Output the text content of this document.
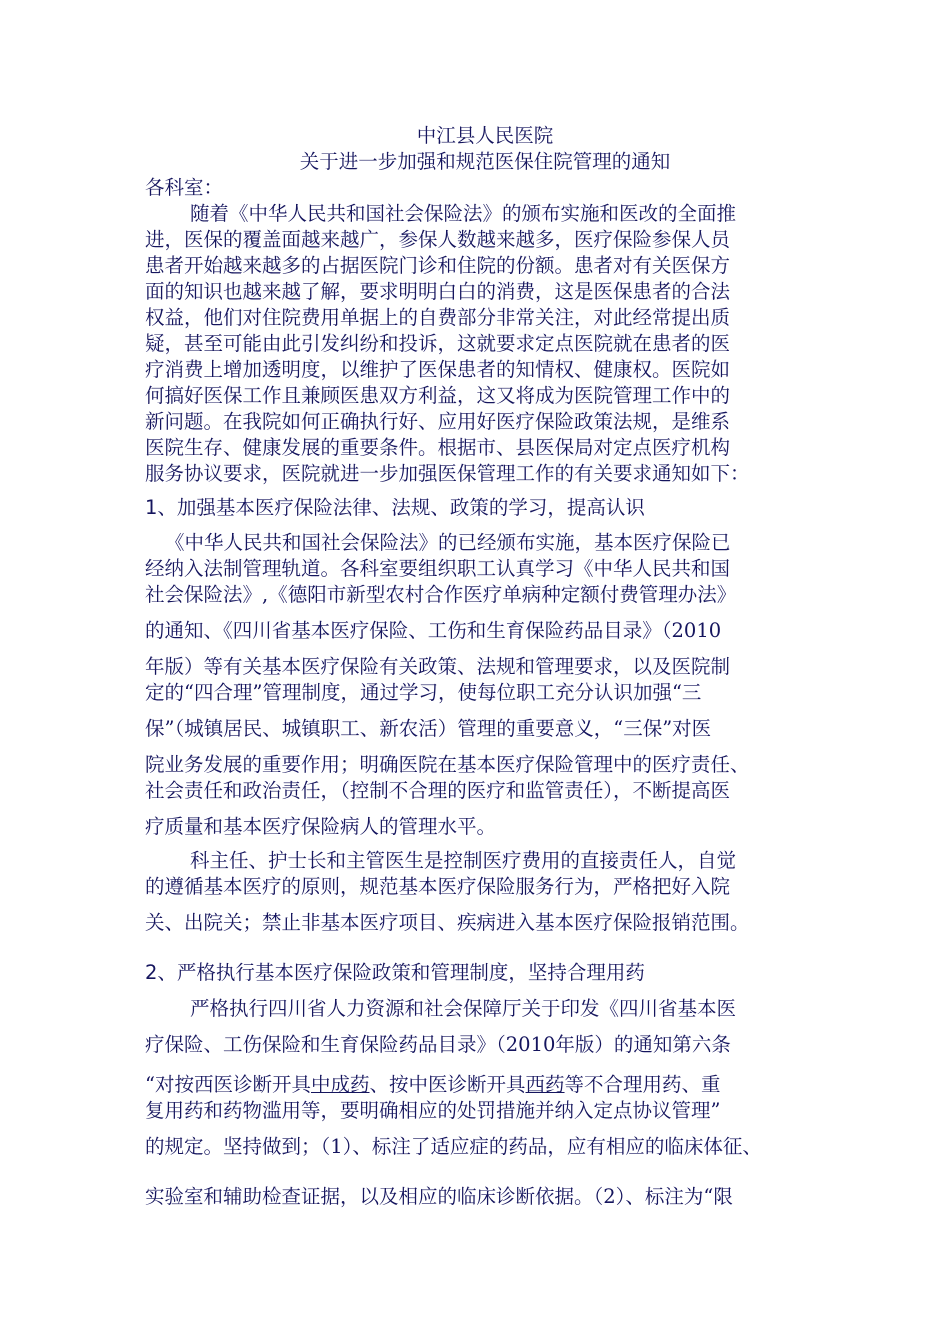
中江县人民医院
关于进一步加强和规范医保住院管理的通知
各科室：
随着《中华人民共和国社会保险法》的颁布实施和医改的全面推
进，医保的覆盖面越来越广，参保人数越来越多，医疗保险参保人员
患者开始越来越多的占据医院门诊和住院的份额。患者对有关医保方
面的知识也越来越了解，要求明明白白的消费，这是医保患者的合法
权益，他们对住院费用单据上的自费部分非常关注，对此经常提出质
疑，甚至可能由此引发纠纷和投诉，这就要求定点医院就在患者的医
疗消费上增加透明度，以维护了医保患者的知情权、健康权。医院如
何搞好医保工作且兼顾医患双方利益，这又将成为医院管理工作中的
新问题。在我院如何正确执行好、应用好医疗保险政策法规，是维系
医院生存、健康发展的重要条件。根据市、县医保局对定点医疗机构
服务协议要求，医院就进一步加强医保管理工作的有关要求通知如下：
1、加强基本医疗保险法律、法规、政策的学习，提高认识
《中华人民共和国社会保险法》的已经颁布实施，基本医疗保险已
经纳入法制管理轨道。各科室要组织职工认真学习《中华人民共和国
社会保险法》,《德阳市新型农村合作医疗单病种定额付费管理办法》
的通知、《四川省基本医疗保险、工伤和生育保险药品目录》（2010
年版）等有关基本医疗保险有关政策、法规和管理要求，以及医院制
定的“四合理”管理制度，通过学习，使每位职工充分认识加强“三
保”（城镇居民、城镇职工、新农活）管理的重要意义，“三保”对医
院业务发展的重要作用；明确医院在基本医疗保险管理中的医疗责任、
社会责任和政治责任，（控制不合理的医疗和监管责任），不断提高医
疗质量和基本医疗保险病人的管理水平。
科主任、护士长和主管医生是控制医疗费用的直接责任人，自觉
的遵循基本医疗的原则，规范基本医疗保险服务行为，严格把好入院
关、出院关；禁止非基本医疗项目、疾病进入基本医疗保险报销范围。
2、严格执行基本医疗保险政策和管理制度，坚持合理用药
严格执行四川省人力资源和社会保障厅关于印发《四川省基本医
疗保险、工伤保险和生育保险药品目录》（2010年版）的通知第六条
“对按西医诊断开具中成药、按中医诊断开具西药等不合理用药、重
复用药和药物滥用等，要明确相应的处罚措施并纳入定点协议管理”
的规定。坚持做到；（1）、标注了适应症的药品，应有相应的临床体征、
实验室和辅助检查证据，以及相应的临床诊断依据。（2）、标注为“限
